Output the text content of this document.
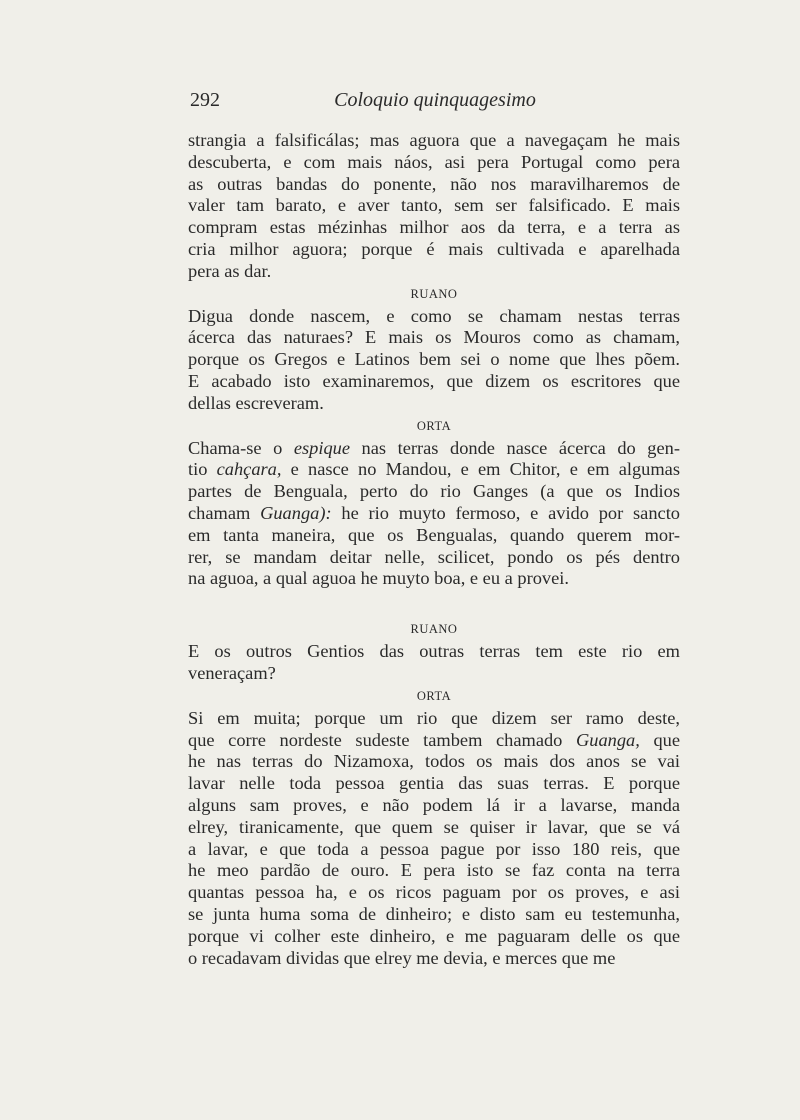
292	Coloquio quinquagesimo
strangia a falsificálas; mas aguora que a navegaçam he mais
descuberta, e com mais náos, asi pera Portugal como pera
as outras bandas do ponente, não nos maravilharemos de
valer tam barato, e aver tanto, sem ser falsificado. E mais
compram estas mézinhas milhor aos da terra, e a terra as
cria milhor aguora; porque é mais cultivada e aparelhada
pera as dar.
RUANO
Digua donde nascem, e como se chamam nestas terras
ácerca das naturaes? E mais os Mouros como as chamam,
porque os Gregos e Latinos bem sei o nome que lhes põem.
E acabado isto examinaremos, que dizem os escritores que
dellas escreveram.
ORTA
Chama-se o espique nas terras donde nasce ácerca do gen-
tio cahçara, e nasce no Mandou, e em Chitor, e em algumas
partes de Benguala, perto do rio Ganges (a que os Indios
chamam Guanga): he rio muyto fermoso, e avido por sancto
em tanta maneira, que os Bengualas, quando querem mor-
rer, se mandam deitar nelle, scilicet, pondo os pés dentro
na aguoa, a qual aguoa he muyto boa, e eu a provei.
RUANO
E os outros Gentios das outras terras tem este rio em
veneraçam?
ORTA
Si em muita; porque um rio que dizem ser ramo deste,
que corre nordeste sudeste tambem chamado Guanga, que
he nas terras do Nizamoxa, todos os mais dos anos se vai
lavar nelle toda pessoa gentia das suas terras. E porque
alguns sam proves, e não podem lá ir a lavarse, manda
elrey, tiranicamente, que quem se quiser ir lavar, que se vá
a lavar, e que toda a pessoa pague por isso 180 reis, que
he meo pardão de ouro. E pera isto se faz conta na terra
quantas pessoa ha, e os ricos paguam por os proves, e asi
se junta huma soma de dinheiro; e disto sam eu testemunha,
porque vi colher este dinheiro, e me paguaram delle os que
o recadavam dividas que elrey me devia, e merces que me
